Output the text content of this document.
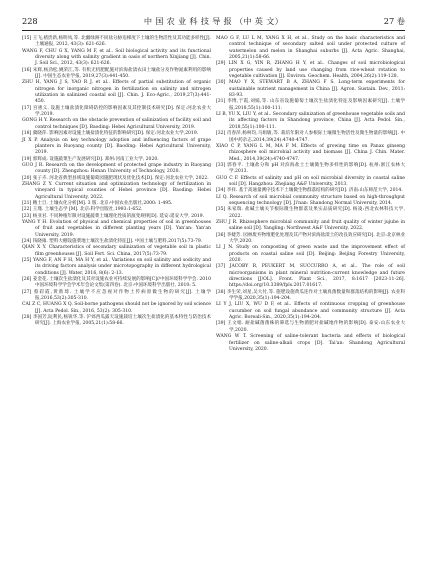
228	中 国 农 业 科 技 导 报 （中 英 文）	27 卷

[15] 王飞,褚贵新,杨明凤,等. 北疆绿洲不同盐分胁迫梯度下土壤的生物活性及其功能多样性[J]. 土壤通报, 2012, 43(3): 621-626.

WANG F, CHU G X, YANG M F, et al.. Soil biological activity and its functional diversity along with salinity gradient in oasis of northern Xinjiang [J]. Chin. J. Soil Sci., 2012, 43(3): 621-626.

[16] 朱辉,杨劲松,姚荣江,等. 有机无机肥配施对滨海盐渍农田土壤盐分及作物氮素利用的影响[J]. 中国生态农业学报, 2019,27(3):441-450.

ZHU H, YANG J S, YAO R J, et al.. Effects of partial substitution of organic nitrogen for inorganic nitrogen in fertilization on salinity and nitrogen utilization in salinized coastal soil [J]. Chin. J. Eco-Agric., 2019,27(3):441-450.

[17] 宫惠义. 设施土壤盐渍化障碍防控的影响因素及其控制技术研究[D]. 保定:河北农业大学,2019.

GONG H Y. Research on the obstacle prevention of salinization of facility soil and control techniques [D]. Baoding: Hebei Agricultural University, 2019.

[18] 冀晓萍. 影响因素对设施土壤盐渍化特征的影响研究[D]. 保定:河北农业大学,2019.

JI X P. Analysis on key technology adoption and influencing factors of grape planters in Ruoyang county [D]. Baoding: Hebei Agricultural University, 2019.

[19] 郭辉成. 设施蔬菜生产发展研究[D]. 郑州:河南工业大学, 2020.

GUO J R. Research on the development of protected grape industry in Ruoyang county [D]. Zhengzhou: Henan University of Technology, 2020.

[20] 张子卉. 河北省典型县域设施葡萄园施肥现状及优化技术[D]. 保定:河北农业大学, 2022.

ZHANG Z Y. Current situation and optimization technology of fertilization in vineyard in typical counties of Hebei province [D]. Baoding: Hebei Agricultural University, 2022.

[21] 鲍士旦. 土壤农化分析[M]. 3 版. 北京:中国农业出版社,2000: 1-495.

[22] 王瑾. 土壤生态学 [M]. 北京:科学出版社,1993:1-652.

[23] 杨亚君. 不同种植年限对设施蔬菜土壤理化性质的演变规律[D]. 延安:延安大学, 2019.

YANG Y H. Evolution of physical and chemical properties of soil in greenhouses of fruit and vegetables in different planting years [D]. Yan'an: Yan'an University, 2019.

[24] 钱晓雍. 塑料大棚设施菜地土壤次生盐渍化特征[J]. 中国土壤与肥料,2017(5):73-79.

QIAN X Y. Characteristics of secondary salinization of vegetable soil in plastic film greenhouses [J]. Soil Fert. Sci. China, 2017(5):73-79.

[25] YANG F, AN F H, MA H Y, et al.. Variations on soil salinity and sodicity and its driving factors analysis under microtopography in different hydrological conditions [J]. Water, 2016, 8(6): 2-13.

[26] 姜金花. 土壤次生盐渍化及其对设施农业可持续发展的影响[C]//中国环境科学学会. 2010 中国环境科学学会学术年会论文集(第四卷). 北京:中国环境科学出版社, 2010: 5.

[27] 蔡彩霞,黄新琦. 土壤学不应忽视对作物土传病原微生物的研究[J]. 土壤学报,2016,53(2):305-310.

CAI Z C, HUANG X Q. Soil-borne pathogens should not be ignored by soil science [J]. Acta Pedol. Sin., 2016, 53(2): 305-310.

[28] 李国芳,阮利民,杨锐华,等. 沪郊西瓜露天设施栽培土壤次生盐渍化的基本特性与防治技术研究[J]. 上海农业学报, 2005,21(1):58-66.

MAO G F, LU L M, YANG X H, et al.. Study on the basic characteristics and control technique of secondary salted soil under protected culture of watermelon and melon in Shanghai suburbs [J]. Acta Agric. Shanghai, 2005,21(1):58-66.

[29] LIN X G, YIN R, ZHANG H Y, et al.. Changes of soil microbiological properties caused by land use changing from rice-wheat rotation to vegetable cultivation [J]. Environ. Geochem. Health, 2004,26(2):119-128.

[30] MAO Y X, STEWART B A, ZHANG F S. Long-term experiments for sustainable nutrient management in China [J]. Agron. Sustain. Dev., 2011: 83-93.

[31] 李博,于霞,刘嫣,等. 山东省设施葡萄土壤次生盐渍化特征及影响因素研究[J]. 土壤学报,2018,55(1):100-111.

LI B, YU X, LIU Y, et al.. Secondary salinization of greenhouse vegetable soils and its affecting factors in Shandong province, China [J]. Acta Pedol. Sin., 2018,55(1):100-111.

[32] 肖春萍,杨柯均,马娟敏,等. 栽培年限对人参根际土壤微生物活性及微生物量的影响[J]. 中国中药杂志,2014,39(24):4740-4747.

XIAO C P, YANG L M, MA F M. Effects of growing time on Panax ginseng rhizosphere soil microbial activity and biomass [J]. China J. Chin. Mater. Med., 2014,39(24):4740-4747.

[33] 郭春平. 土壤盐分和 pH 对滨海盐土土壤微生物多样性的影响[D]. 杭州:浙江农林大学,2013.

GUO C F. Effects of salinity and pH on soil microbial diversity in coastal saline soil [D]. Hangzhou: Zhejiang A&F University, 2013.

[34] 李祥. 基于高通量测序技术下土壤微生物群落结构的研究[D]. 济南:山东师范大学, 2014.

LI Q. Research of soil microbial community structure based on high-throughput sequencing technology [D]. Ji'nan: Shandong Normal University, 2014.

[35] 朱家瑞. 盐碱土壤关节根际微生物群落及果实品质研究[D]. 杨凌:西北农林科技大学, 2022.

ZHU J R. Rhizosphere microbial community and fruit quality of winter jujube in saline soil [D]. Yangling: Northwest A&F University, 2022.

[36] 李婕芳. 园林废弃物堆肥化处理及其产物对滨海盐渍土的改良效应研究[D]. 北京:北京林业大学,2020.

LI J N. Study on composting of green waste and the improvement effect of products on coastal saline soil [D]. Beijing: Beijing Forestry University, 2020.

[37] JACOBY R, PEUKERT M, SUCCURRO A, et al.. The role of soil microorganisms in plant mineral nutrition-current knowledge and future directions [J/OL]. Front. Plant Sci., 2017, 8:1617 [2023-11-26]. https://doi.org/10.3389/fpls.2017.01617.

[38] 李生荣,刘星,吴大付,等. 施肥设施黄瓜连作对土壤真菌数量和群落结构的影响[J]. 农业科学学报,2020,35(1):194-204.

LI Y J, LIU X, WU D F, et al.. Effects of continuous cropping of greenhouse cucumber on soil fungal abundance and community structure [J]. Acta Agric. Boreali-Sin., 2020,35(1):194-204.

[39] 王文娟. 耐盐碱菌菌株的筛选与生物菌肥对盐碱地作物的影响[D]. 泰安:山东农业大学,2020.

WANG W T. Screening of saline-tolerant bacteria and effects of biological fertilizer on saline-alkali crops [D]. Tai'an: Shandong Agricultural University, 2020.
